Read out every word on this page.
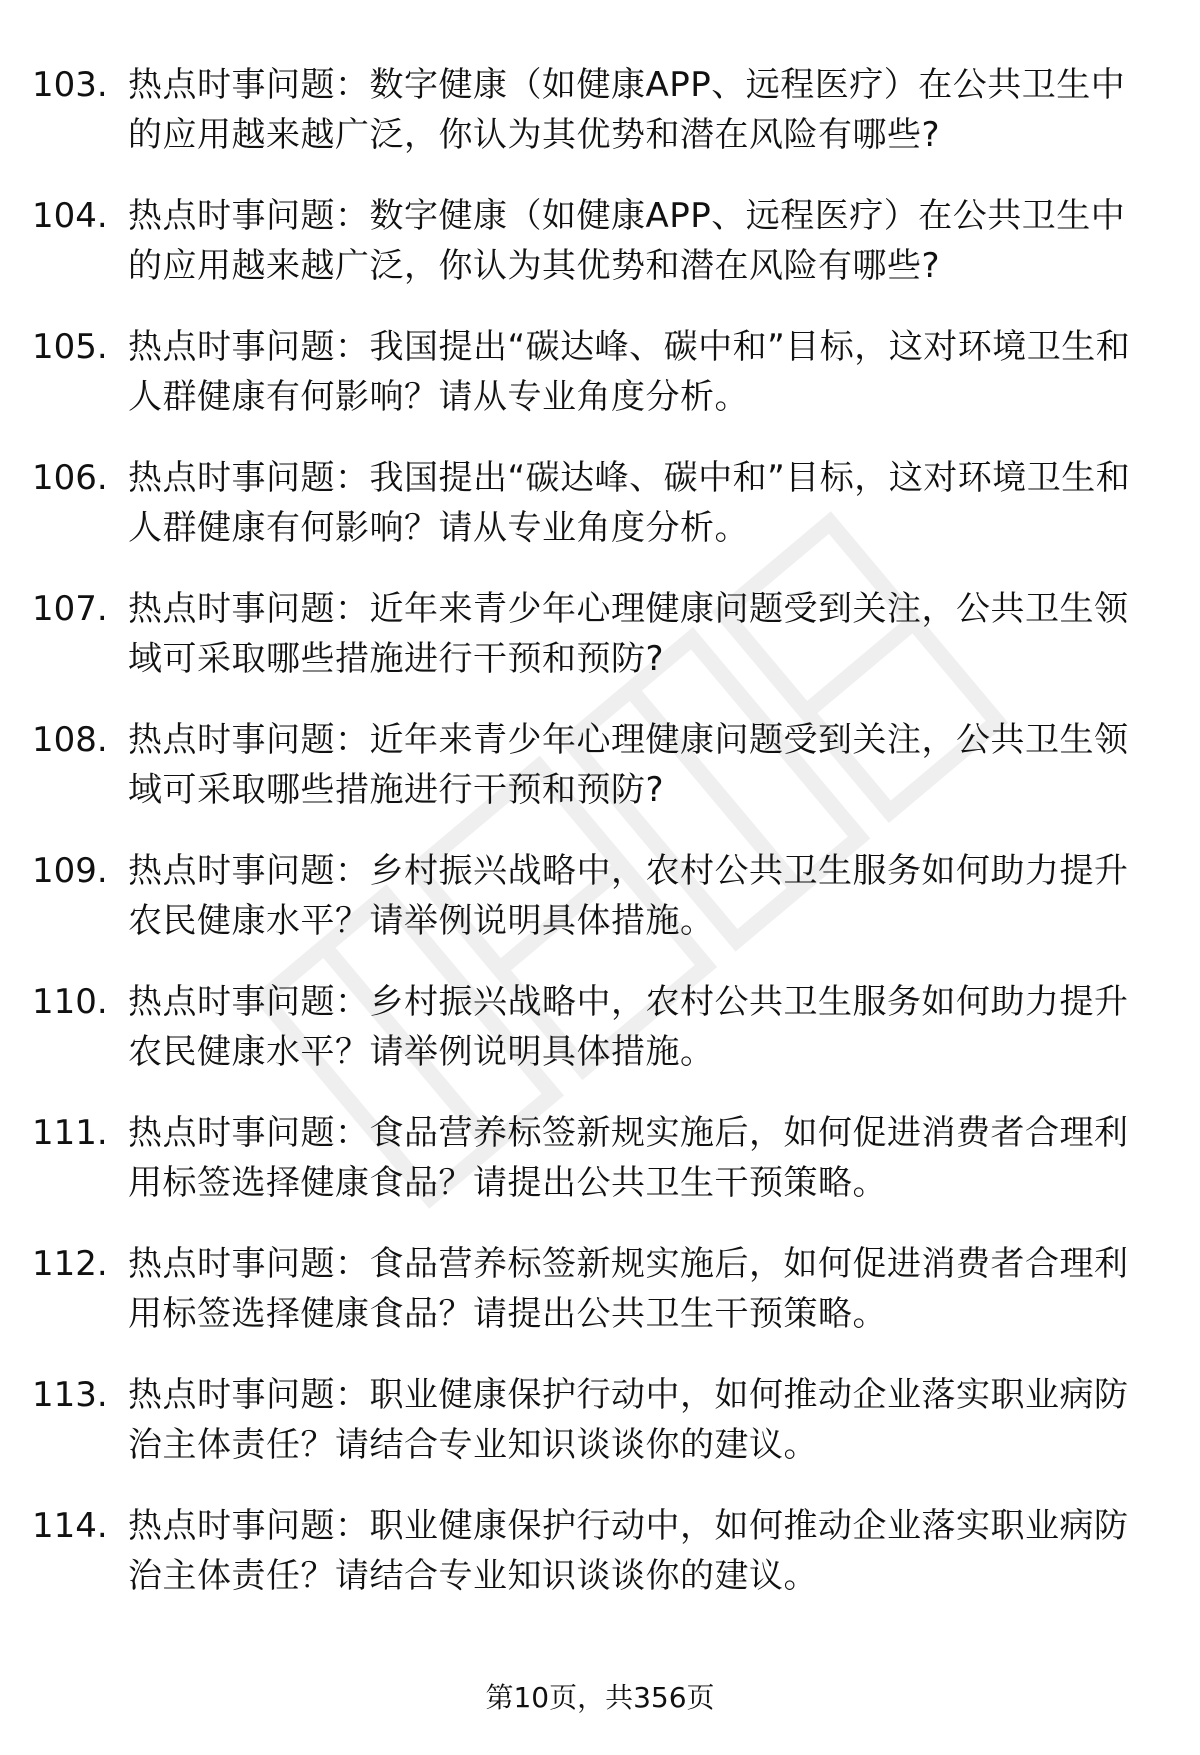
103. 热点时事问题：数字健康（如健康APP、远程医疗）在公共卫生中的应用越来越广泛，你认为其优势和潜在风险有哪些?
104. 热点时事问题：数字健康（如健康APP、远程医疗）在公共卫生中的应用越来越广泛，你认为其优势和潜在风险有哪些?
105. 热点时事问题：我国提出“碳达峰、碳中和”目标，这对环境卫生和人群健康有何影响？请从专业角度分析。
106. 热点时事问题：我国提出“碳达峰、碳中和”目标，这对环境卫生和人群健康有何影响？请从专业角度分析。
107. 热点时事问题：近年来青少年心理健康问题受到关注，公共卫生领域可采取哪些措施进行干预和预防?
108. 热点时事问题：近年来青少年心理健康问题受到关注，公共卫生领域可采取哪些措施进行干预和预防?
109. 热点时事问题：乡村振兴战略中，农村公共卫生服务如何助力提升农民健康水平？请举例说明具体措施。
110. 热点时事问题：乡村振兴战略中，农村公共卫生服务如何助力提升农民健康水平？请举例说明具体措施。
111. 热点时事问题：食品营养标签新规实施后，如何促进消费者合理利用标签选择健康食品？请提出公共卫生干预策略。
112. 热点时事问题：食品营养标签新规实施后，如何促进消费者合理利用标签选择健康食品？请提出公共卫生干预策略。
113. 热点时事问题：职业健康保护行动中，如何推动企业落实职业病防治主体责任？请结合专业知识谈谈你的建议。
114. 热点时事问题：职业健康保护行动中，如何推动企业落实职业病防治主体责任？请结合专业知识谈谈你的建议。
第10页，共356页
